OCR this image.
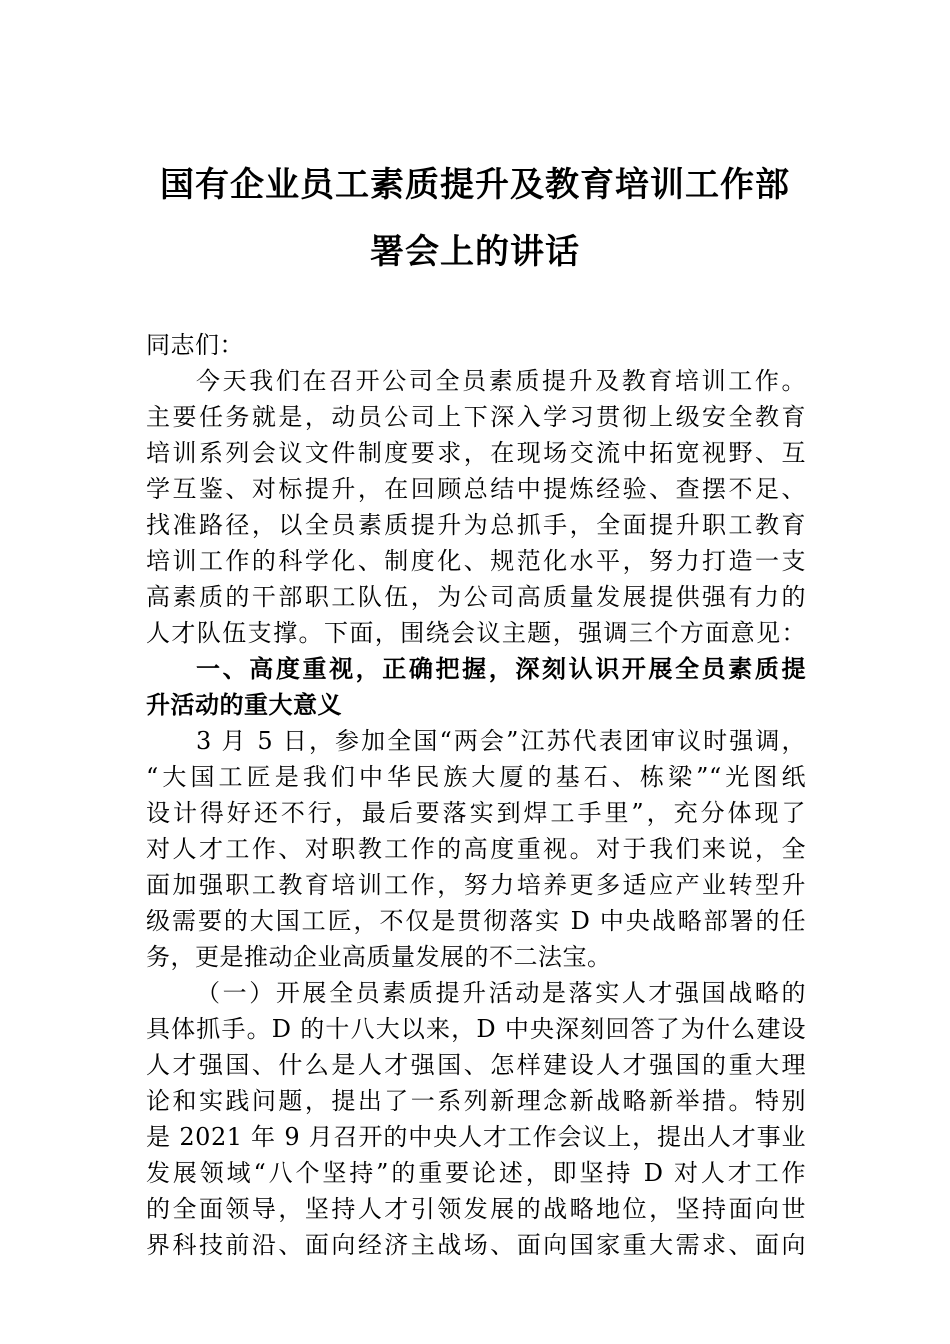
国有企业员工素质提升及教育培训工作部
署会上的讲话
同志们：
今天我们在召开公司全员素质提升及教育培训工作。
主要任务就是，动员公司上下深入学习贯彻上级安全教育
培训系列会议文件制度要求，在现场交流中拓宽视野、互
学互鉴、对标提升，在回顾总结中提炼经验、查摆不足、
找准路径，以全员素质提升为总抓手，全面提升职工教育
培训工作的科学化、制度化、规范化水平，努力打造一支
高素质的干部职工队伍，为公司高质量发展提供强有力的
人才队伍支撑。下面，围绕会议主题，强调三个方面意见：
一、高度重视，正确把握，深刻认识开展全员素质提
升活动的重大意义
3 月 5 日，参加全国“两会”江苏代表团审议时强调，
“大国工匠是我们中华民族大厦的基石、栋梁”“光图纸
设计得好还不行，最后要落实到焊工手里”，充分体现了
对人才工作、对职教工作的高度重视。对于我们来说，全
面加强职工教育培训工作，努力培养更多适应产业转型升
级需要的大国工匠，不仅是贯彻落实 D 中央战略部署的任
务，更是推动企业高质量发展的不二法宝。
（一）开展全员素质提升活动是落实人才强国战略的
具体抓手。D 的十八大以来，D 中央深刻回答了为什么建设
人才强国、什么是人才强国、怎样建设人才强国的重大理
论和实践问题，提出了一系列新理念新战略新举措。特别
是 2021 年 9 月召开的中央人才工作会议上，提出人才事业
发展领域“八个坚持”的重要论述，即坚持 D 对人才工作
的全面领导，坚持人才引领发展的战略地位，坚持面向世
界科技前沿、面向经济主战场、面向国家重大需求、面向
